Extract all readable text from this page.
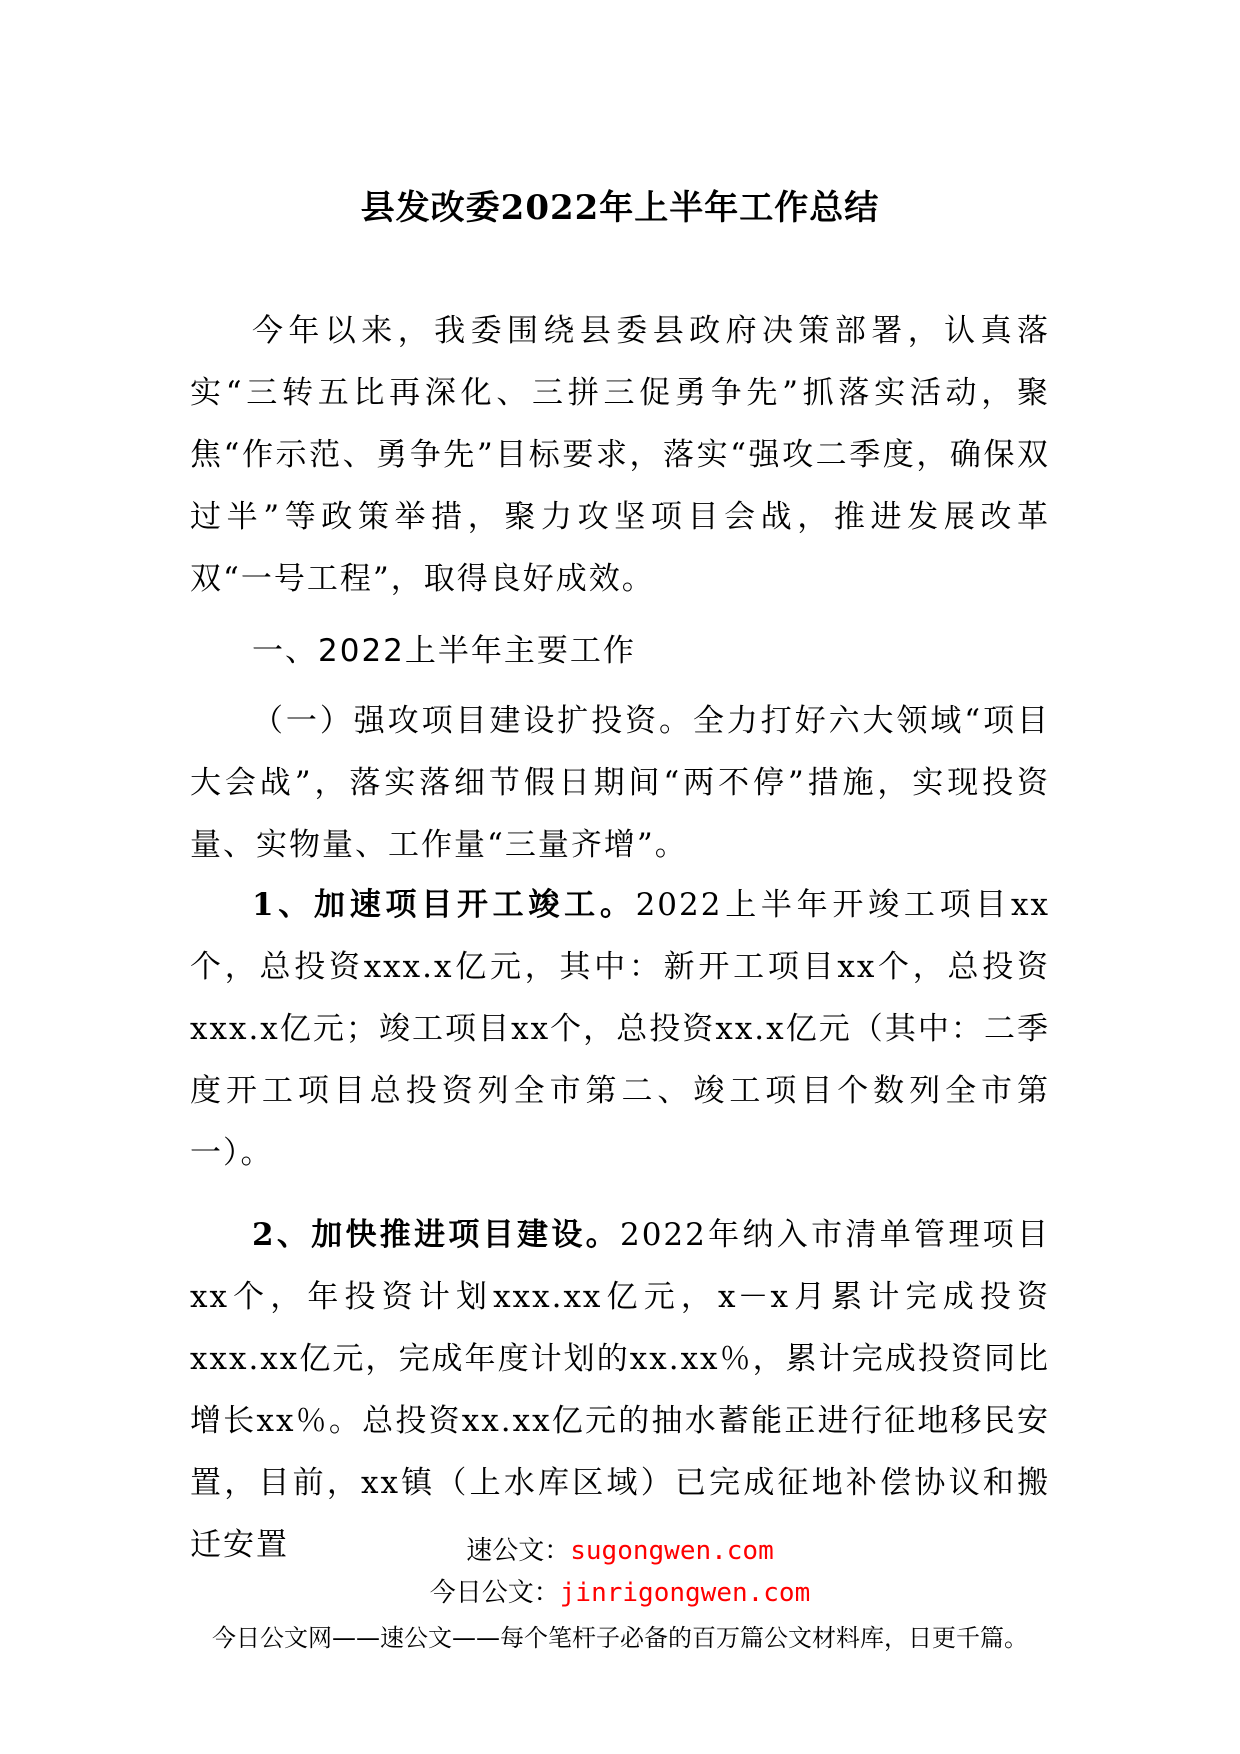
县发改委2022年上半年工作总结
今年以来，我委围绕县委县政府决策部署，认真落实“三转五比再深化、三拼三促勇争先”抓落实活动，聚焦“作示范、勇争先”目标要求，落实“强攻二季度，确保双过半”等政策举措，聚力攻坚项目会战，推进发展改革双“一号工程”，取得良好成效。
一、2022上半年主要工作
（一）强攻项目建设扩投资。全力打好六大领域“项目大会战”，落实落细节假日期间“两不停”措施，实现投资量、实物量、工作量“三量齐增”。
1、加速项目开工竣工。2022上半年开竣工项目xx个，总投资xxx.x亿元，其中：新开工项目xx个，总投资xxx.x亿元；竣工项目xx个，总投资xx.x亿元（其中：二季度开工项目总投资列全市第二、竣工项目个数列全市第一）。
2、加快推进项目建设。2022年纳入市清单管理项目xx个，年投资计划xxx.xx亿元，x－x月累计完成投资xxx.xx亿元，完成年度计划的xx.xx％，累计完成投资同比增长xx％。总投资xx.xx亿元的抽水蓄能正进行征地移民安置，目前，xx镇（上水库区域）已完成征地补偿协议和搬迁安置	速公文：sugongwen.com
今日公文：jinrigongwen.com
今日公文网——速公文——每个笔杆子必备的百万篇公文材料库，日更千篇。
